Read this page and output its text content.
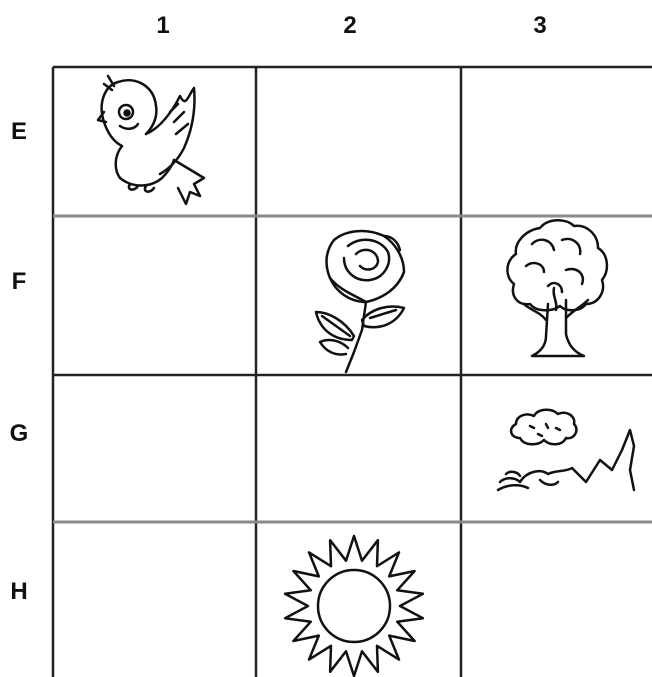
1	2	3
E
F
G
H
